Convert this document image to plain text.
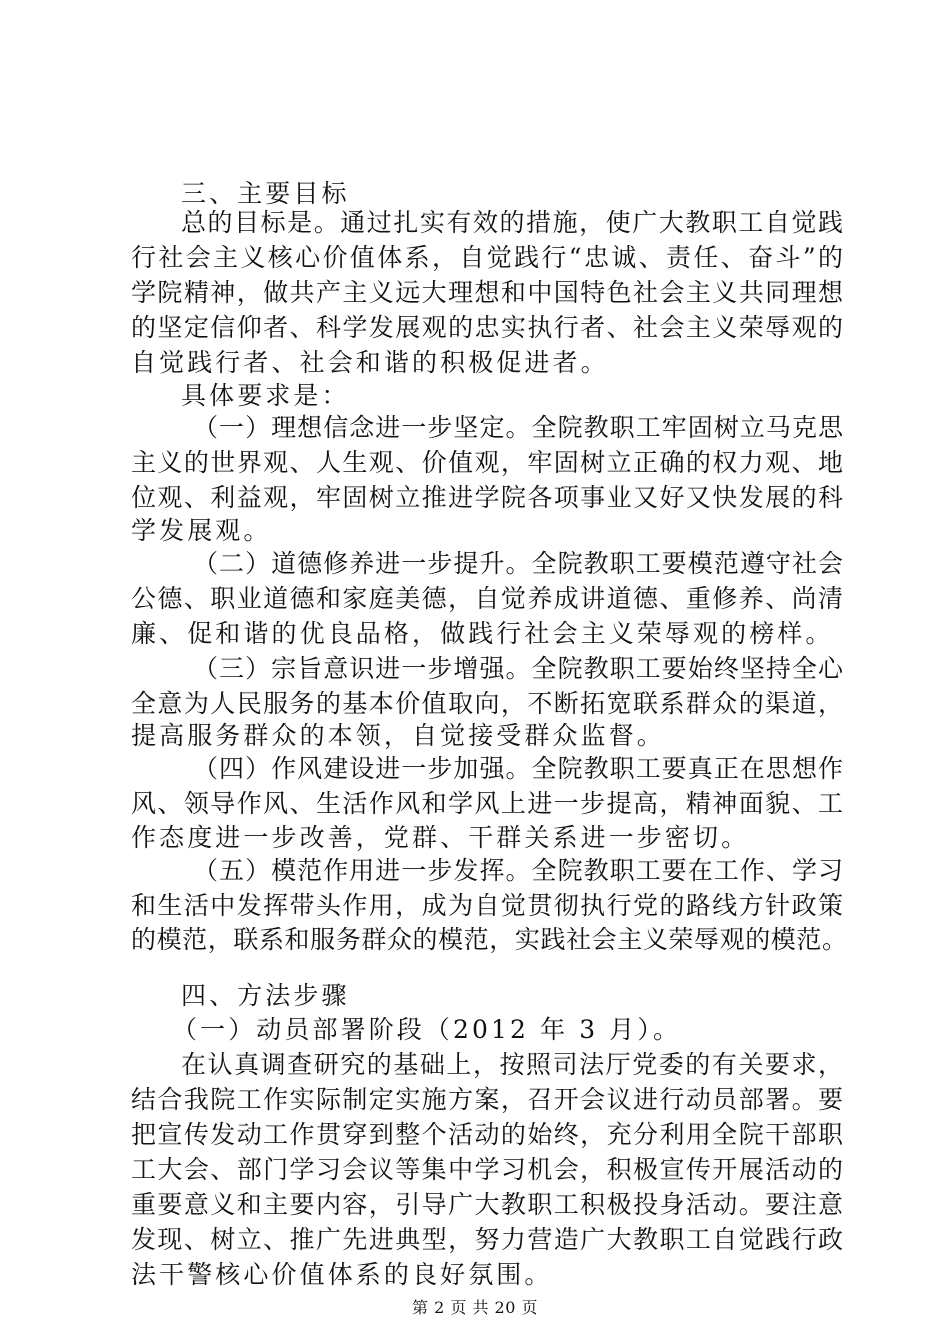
三、主要目标
总的目标是。通过扎实有效的措施，使广大教职工自觉践
行社会主义核心价值体系，自觉践行“忠诚、责任、奋斗”的
学院精神，做共产主义远大理想和中国特色社会主义共同理想
的坚定信仰者、科学发展观的忠实执行者、社会主义荣辱观的
自觉践行者、社会和谐的积极促进者。
具体要求是：
（一）理想信念进一步坚定。全院教职工牢固树立马克思
主义的世界观、人生观、价值观，牢固树立正确的权力观、地
位观、利益观，牢固树立推进学院各项事业又好又快发展的科
学发展观。
（二）道德修养进一步提升。全院教职工要模范遵守社会
公德、职业道德和家庭美德，自觉养成讲道德、重修养、尚清
廉、促和谐的优良品格，做践行社会主义荣辱观的榜样。
（三）宗旨意识进一步增强。全院教职工要始终坚持全心
全意为人民服务的基本价值取向，不断拓宽联系群众的渠道，
提高服务群众的本领，自觉接受群众监督。
（四）作风建设进一步加强。全院教职工要真正在思想作
风、领导作风、生活作风和学风上进一步提高，精神面貌、工
作态度进一步改善，党群、干群关系进一步密切。
（五）模范作用进一步发挥。全院教职工要在工作、学习
和生活中发挥带头作用，成为自觉贯彻执行党的路线方针政策
的模范，联系和服务群众的模范，实践社会主义荣辱观的模范。
四、方法步骤
（一）动员部署阶段（2012 年 3 月）。
在认真调查研究的基础上，按照司法厅党委的有关要求，
结合我院工作实际制定实施方案，召开会议进行动员部署。要
把宣传发动工作贯穿到整个活动的始终，充分利用全院干部职
工大会、部门学习会议等集中学习机会，积极宣传开展活动的
重要意义和主要内容，引导广大教职工积极投身活动。要注意
第 2 页 共 20 页
发现、树立、推广先进典型，努力营造广大教职工自觉践行政
法干警核心价值体系的良好氛围。
